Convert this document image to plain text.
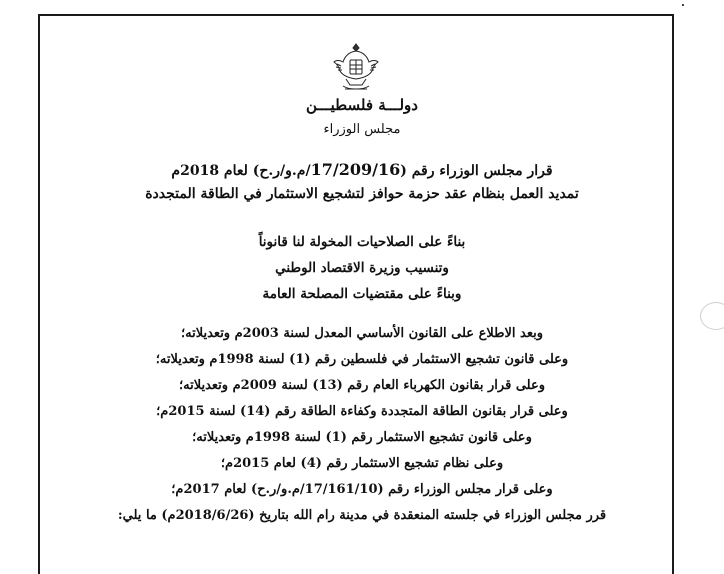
دولـــة فلسطيـــن
مجلس الوزراء
قرار مجلس الوزراء رقم (17/209/16/م.و/ر.ح) لعام 2018م
تمديد العمل بنظام عقد حزمة حوافز لتشجيع الاستثمار في الطاقة المتجددة
بناءً على الصلاحيات المخولة لنا قانوناً
وتنسيب وزيرة الاقتصاد الوطني
وبناءً على مقتضيات المصلحة العامة
وبعد الاطلاع على القانون الأساسي المعدل لسنة 2003م وتعديلاته؛
وعلى قانون تشجيع الاستثمار في فلسطين رقم (1) لسنة 1998م وتعديلاته؛
وعلى قرار بقانون الكهرباء العام رقم (13) لسنة 2009م وتعديلاته؛
وعلى قرار بقانون الطاقة المتجددة وكفاءة الطاقة رقم (14) لسنة 2015م؛
وعلى قانون تشجيع الاستثمار رقم (1) لسنة 1998م وتعديلاته؛
وعلى نظام تشجيع الاستثمار رقم (4) لعام 2015م؛
وعلى قرار مجلس الوزراء رقم (17/161/10/م.و/ر.ح) لعام 2017م؛
قرر مجلس الوزراء في جلسته المنعقدة في مدينة رام الله بتاريخ (2018/6/26م) ما يلي:
